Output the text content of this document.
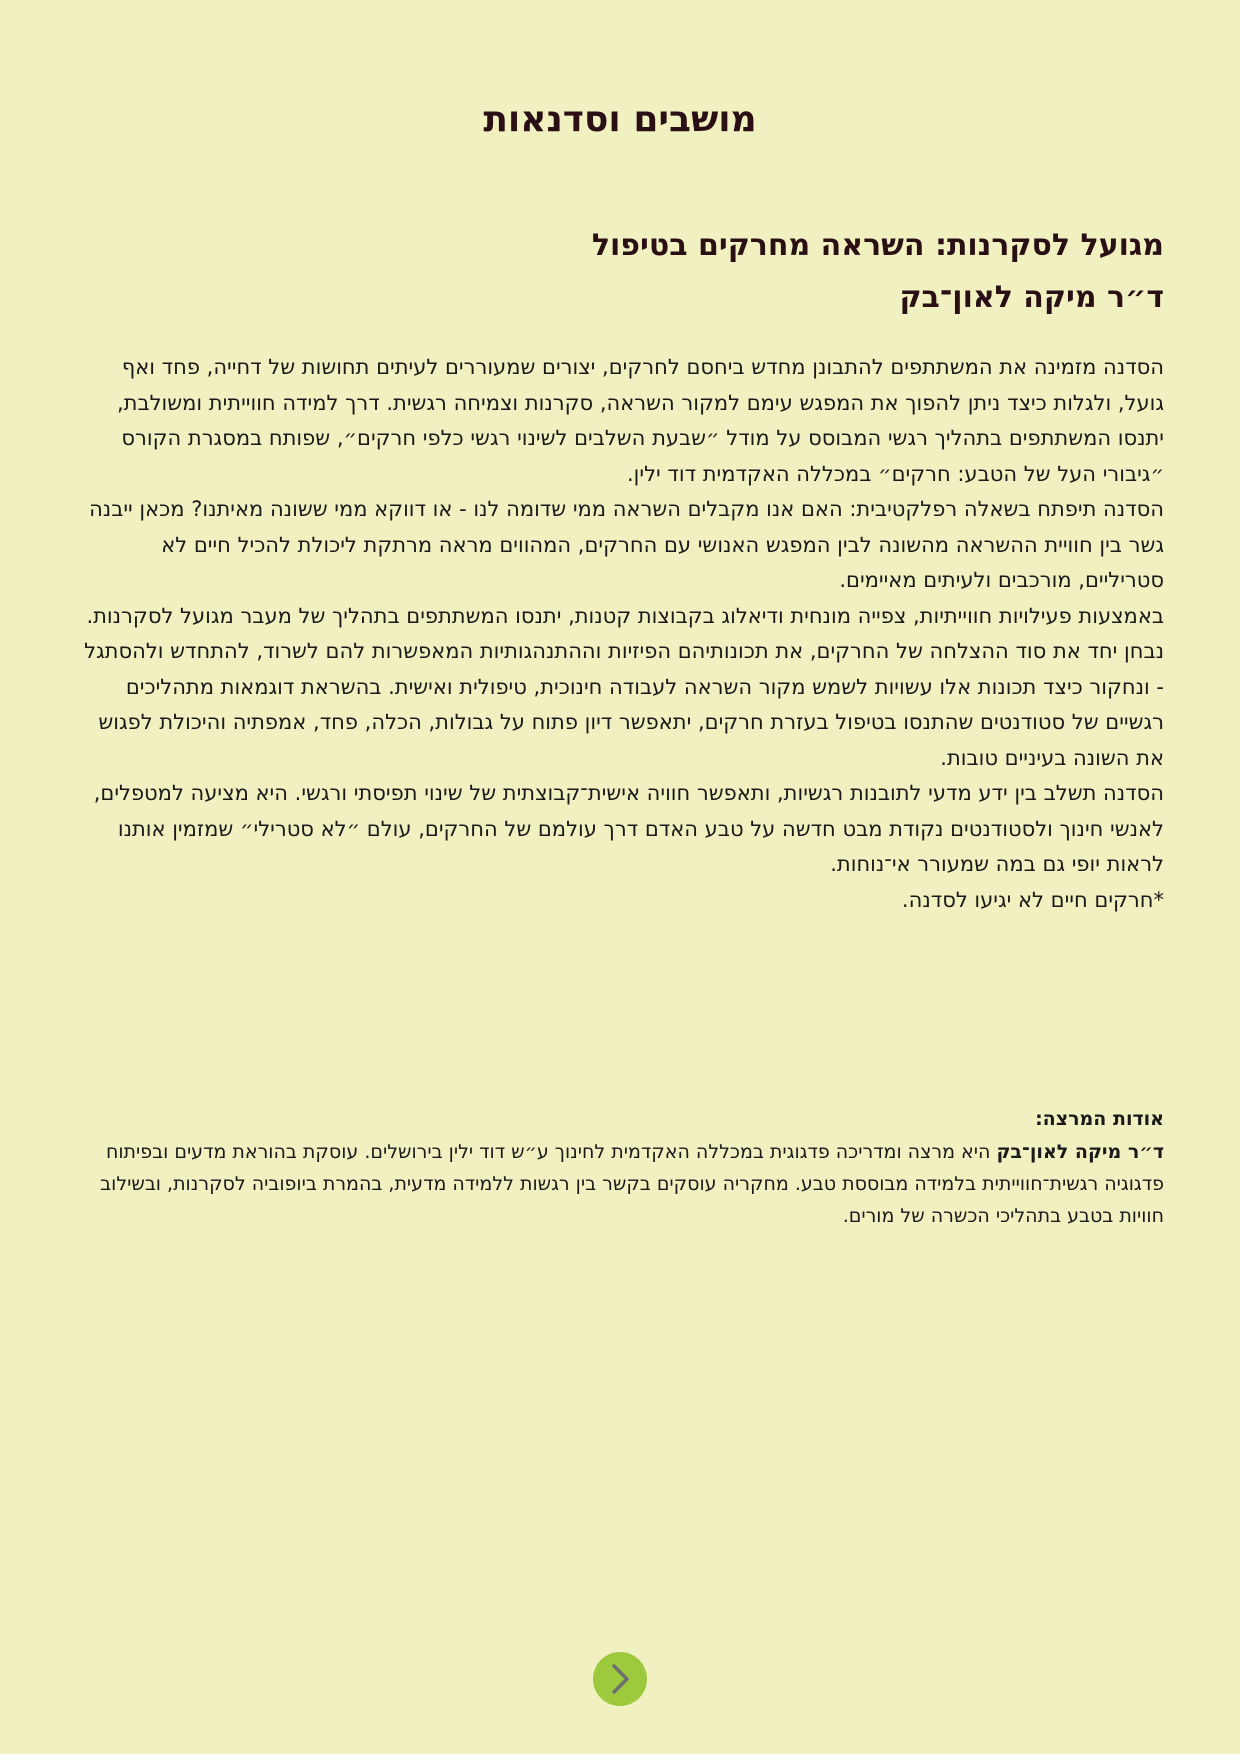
מושבים וסדנאות
מגועל לסקרנות: השראה מחרקים בטיפול
ד״ר מיקה לאון־בק

הסדנה מזמינה את המשתתפים להתבונן מחדש ביחסם לחרקים, יצורים שמעוררים לעיתים תחושות של דחייה, פחד ואף גועל, ולגלות כיצד ניתן להפוך את המפגש עימם למקור השראה, סקרנות וצמיחה רגשית. דרך למידה חווייתית ומשולבת, יתנסו המשתתפים בתהליך רגשי המבוסס על מודל ״שבעת השלבים לשינוי רגשי כלפי חרקים״, שפותח במסגרת הקורס ״גיבורי העל של הטבע: חרקים״ במכללה האקדמית דוד ילין.

הסדנה תיפתח בשאלה רפלקטיבית: האם אנו מקבלים השראה ממי שדומה לנו - או דווקא ממי ששונה מאיתנו? מכאן ייבנה גשר בין חוויית ההשראה מהשונה לבין המפגש האנושי עם החרקים, המהווים מראה מרתקת ליכולת להכיל חיים לא סטריליים, מורכבים ולעיתים מאיימים.

באמצעות פעילויות חווייתיות, צפייה מונחית ודיאלוג בקבוצות קטנות, יתנסו המשתתפים בתהליך של מעבר מגועל לסקרנות. נבחן יחד את סוד ההצלחה של החרקים, את תכונותיהם הפיזיות וההתנהגותיות המאפשרות להם לשרוד, להתחדש ולהסתגל - ונחקור כיצד תכונות אלו עשויות לשמש מקור השראה לעבודה חינוכית, טיפולית ואישית. בהשראת דוגמאות מתהליכים רגשיים של סטודנטים שהתנסו בטיפול בעזרת חרקים, יתאפשר דיון פתוח על גבולות, הכלה, פחד, אמפתיה והיכולת לפגוש את השונה בעיניים טובות.

הסדנה תשלב בין ידע מדעי לתובנות רגשיות, ותאפשר חוויה אישית־קבוצתית של שינוי תפיסתי ורגשי. היא מציעה למטפלים, לאנשי חינוך ולסטודנטים נקודת מבט חדשה על טבע האדם דרך עולמם של החרקים, עולם ״לא סטרילי״ שמזמין אותנו לראות יופי גם במה שמעורר אי־נוחות.

*חרקים חיים לא יגיעו לסדנה.

אודות המרצה:

ד״ר מיקה לאון־בק היא מרצה ומדריכה פדגוגית במכללה האקדמית לחינוך ע״ש דוד ילין בירושלים. עוסקת בהוראת מדעים ובפיתוח פדגוגיה רגשית־חווייתית בלמידה מבוססת טבע. מחקריה עוסקים בקשר בין רגשות ללמידה מדעית, בהמרת ביופוביה לסקרנות, ובשילוב חוויות בטבע בתהליכי הכשרה של מורים.
